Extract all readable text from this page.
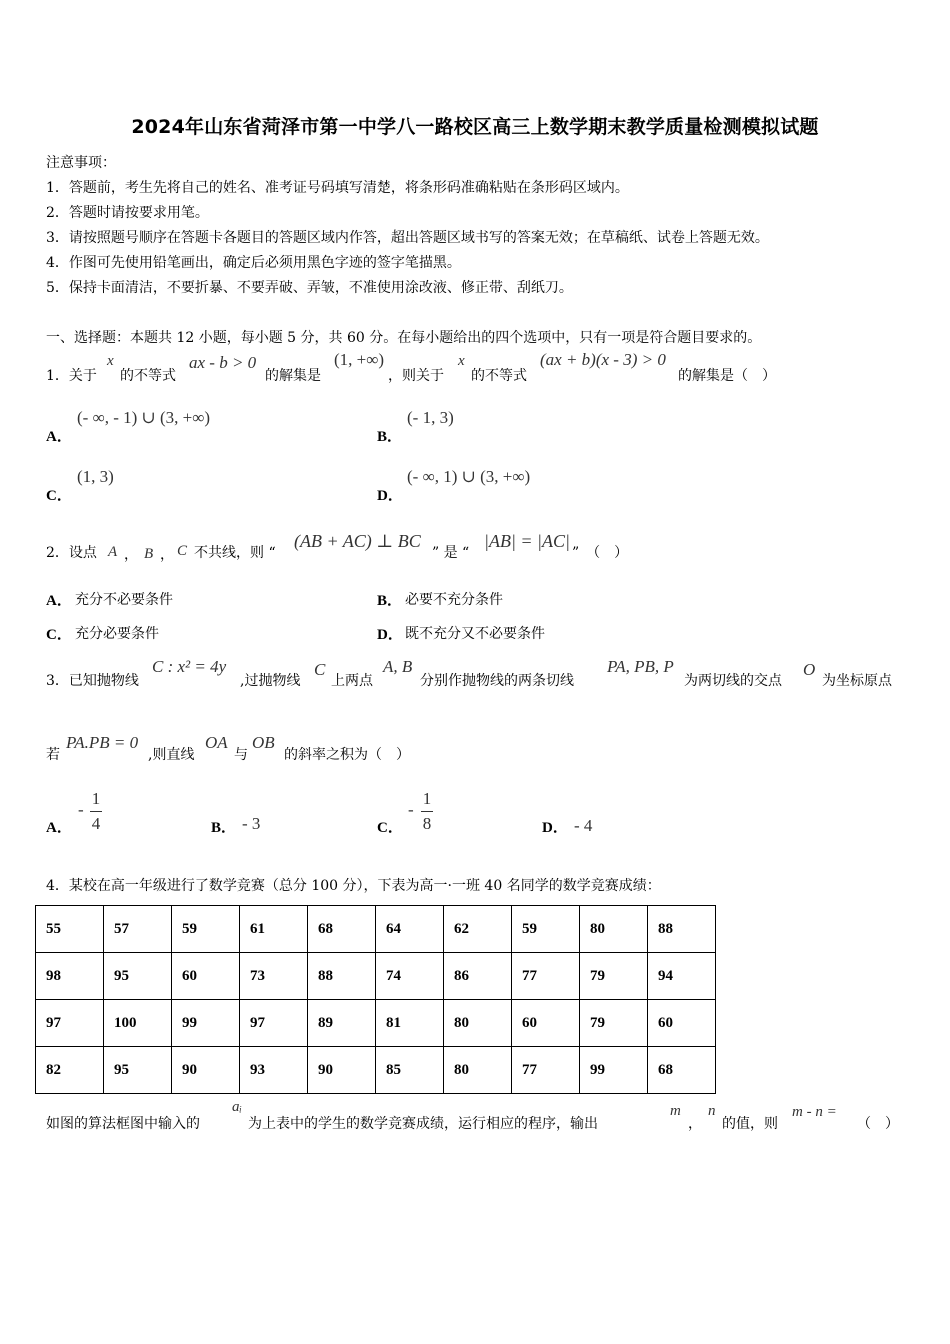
2024年山东省菏泽市第一中学八一路校区高三上数学期末教学质量检测模拟试题
注意事项：
1．答题前，考生先将自己的姓名、准考证号码填写清楚，将条形码准确粘贴在条形码区域内。
2．答题时请按要求用笔。
3．请按照题号顺序在答题卡各题目的答题区域内作答，超出答题区域书写的答案无效；在草稿纸、试卷上答题无效。
4．作图可先使用铅笔画出，确定后必须用黑色字迹的签字笔描黑。
5．保持卡面清洁，不要折暴、不要弄破、弄皱，不准使用涂改液、修正带、刮纸刀。
一、选择题：本题共 12 小题，每小题 5 分，共 60 分。在每小题给出的四个选项中，只有一项是符合题目要求的。
1．关于
x
的不等式
ax - b > 0
的解集是
(1, +∞)
，则关于
x
的不等式
(ax + b)(x - 3) > 0
的解集是（　）
A．
(- ∞, - 1) ∪ (3, +∞)
B．
(- 1, 3)
C．
(1, 3)
D．
(- ∞, 1) ∪ (3, +∞)
2．设点 A ， B ， C 不共线，则 “
(AB + AC) ⊥ BC
” 是 “
|AB| = |AC|
”　（　）
A． 充分不必要条件	B． 必要不充分条件
C． 充分必要条件	D． 既不充分又不必要条件
3．已知抛物线
C : x² = 4y
,过抛物线
C
上两点
A, B
分别作抛物线的两条切线
PA, PB, P
为两切线的交点
O
为坐标原点
若
PA.PB = 0
,则直线
OA
与
OB
的斜率之积为（　）
A．
-
1
4	B． - 3	C．
-
1
8	D． - 4
4．某校在高一年级进行了数学竞赛（总分 100 分），下表为高一·一班 40 名同学的数学竞赛成绩：
55	57	59	61	68	64	62	59	80	88
98	95	60	73	88	74	86	77	79	94
97	100	99	97	89	81	80	60	79	60
82	95	90	93	90	85	80	77	99	68
如图的算法框图中输入的
aᵢ
为上表中的学生的数学竞赛成绩，运行相应的程序，输出
m
，
n
的值，则
m - n =
（　）
